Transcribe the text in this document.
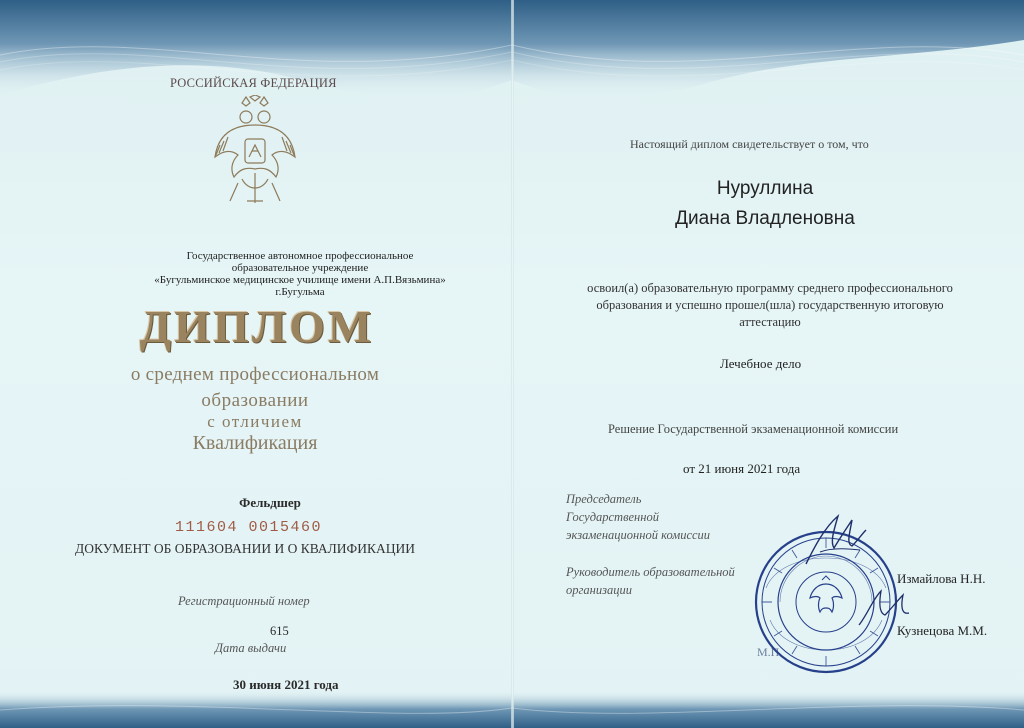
РОССИЙСКАЯ ФЕДЕРАЦИЯ
Государственное автономное профессиональное
образовательное учреждение
«Бугульминское медицинское училище имени А.П.Вязьмина»
г.Бугульма
ДИПЛОМ
о среднем профессиональном
образовании
с отличием
Квалификация
Фельдшер
111604 0015460
ДОКУМЕНТ ОБ ОБРАЗОВАНИИ И О КВАЛИФИКАЦИИ
Регистрационный номер
615
Дата выдачи
30 июня 2021 года
Настоящий диплом свидетельствует о том, что
Нуруллина
Диана Владленовна
освоил(а) образовательную программу среднего профессионального
образования и успешно прошел(шла) государственную итоговую
аттестацию
Лечебное дело
Решение Государственной экзаменационной комиссии
от 21 июня 2021 года
Председатель
Государственной
экзаменационной комиссии
Руководитель образовательной
организации
М.П.
Измайлова Н.Н.
Кузнецова М.М.
